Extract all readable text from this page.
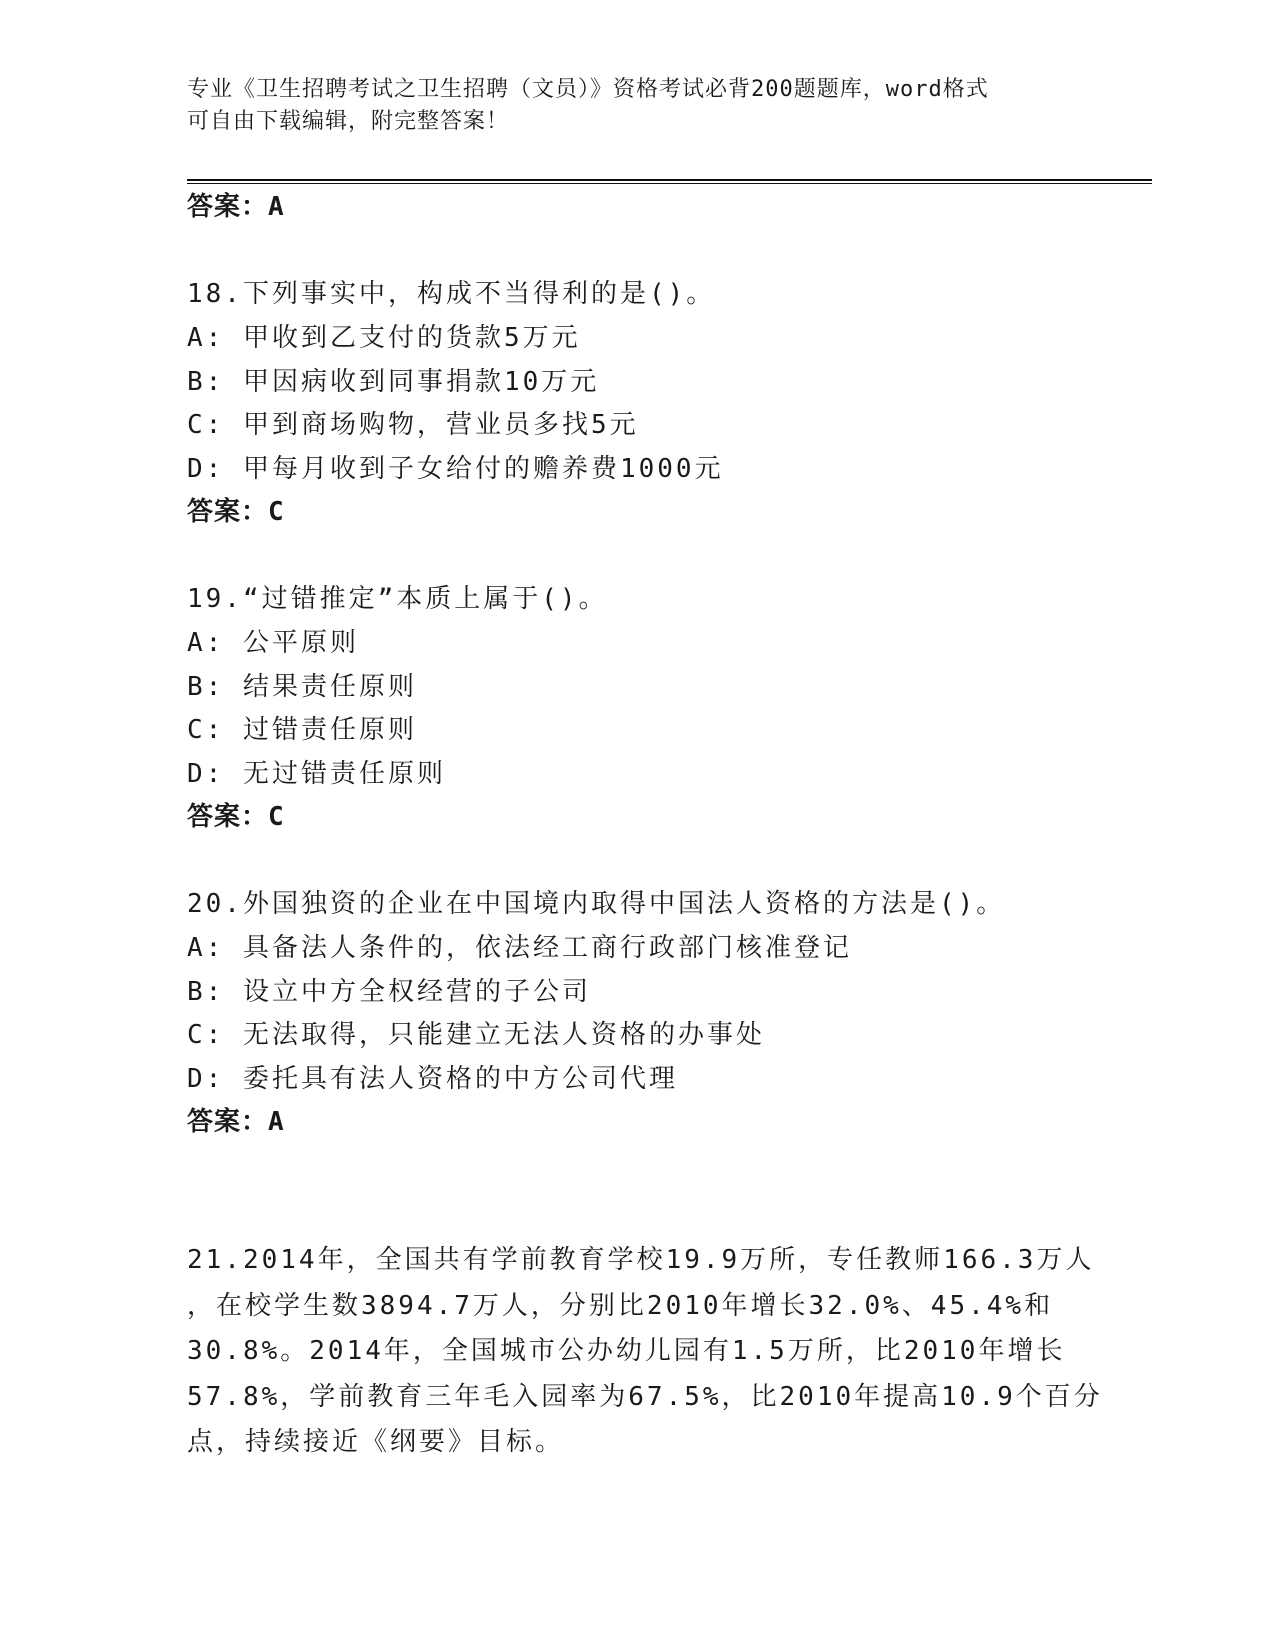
专业《卫生招聘考试之卫生招聘（文员）》资格考试必背200题题库，word格式
可自由下载编辑，附完整答案！
答案：A
18.下列事实中，构成不当得利的是()。
A: 甲收到乙支付的货款5万元
B: 甲因病收到同事捐款10万元
C: 甲到商场购物，营业员多找5元
D: 甲每月收到子女给付的赡养费1000元
答案：C
19.“过错推定”本质上属于()。
A: 公平原则
B: 结果责任原则
C: 过错责任原则
D: 无过错责任原则
答案：C
20.外国独资的企业在中国境内取得中国法人资格的方法是()。
A: 具备法人条件的，依法经工商行政部门核准登记
B: 设立中方全权经营的子公司
C: 无法取得，只能建立无法人资格的办事处
D: 委托具有法人资格的中方公司代理
答案：A
21.2014年，全国共有学前教育学校19.9万所，专任教师166.3万人
，在校学生数3894.7万人，分别比2010年增长32.0%、45.4%和
30.8%。2014年，全国城市公办幼儿园有1.5万所，比2010年增长
57.8%，学前教育三年毛入园率为67.5%，比2010年提高10.9个百分
点，持续接近《纲要》目标。
